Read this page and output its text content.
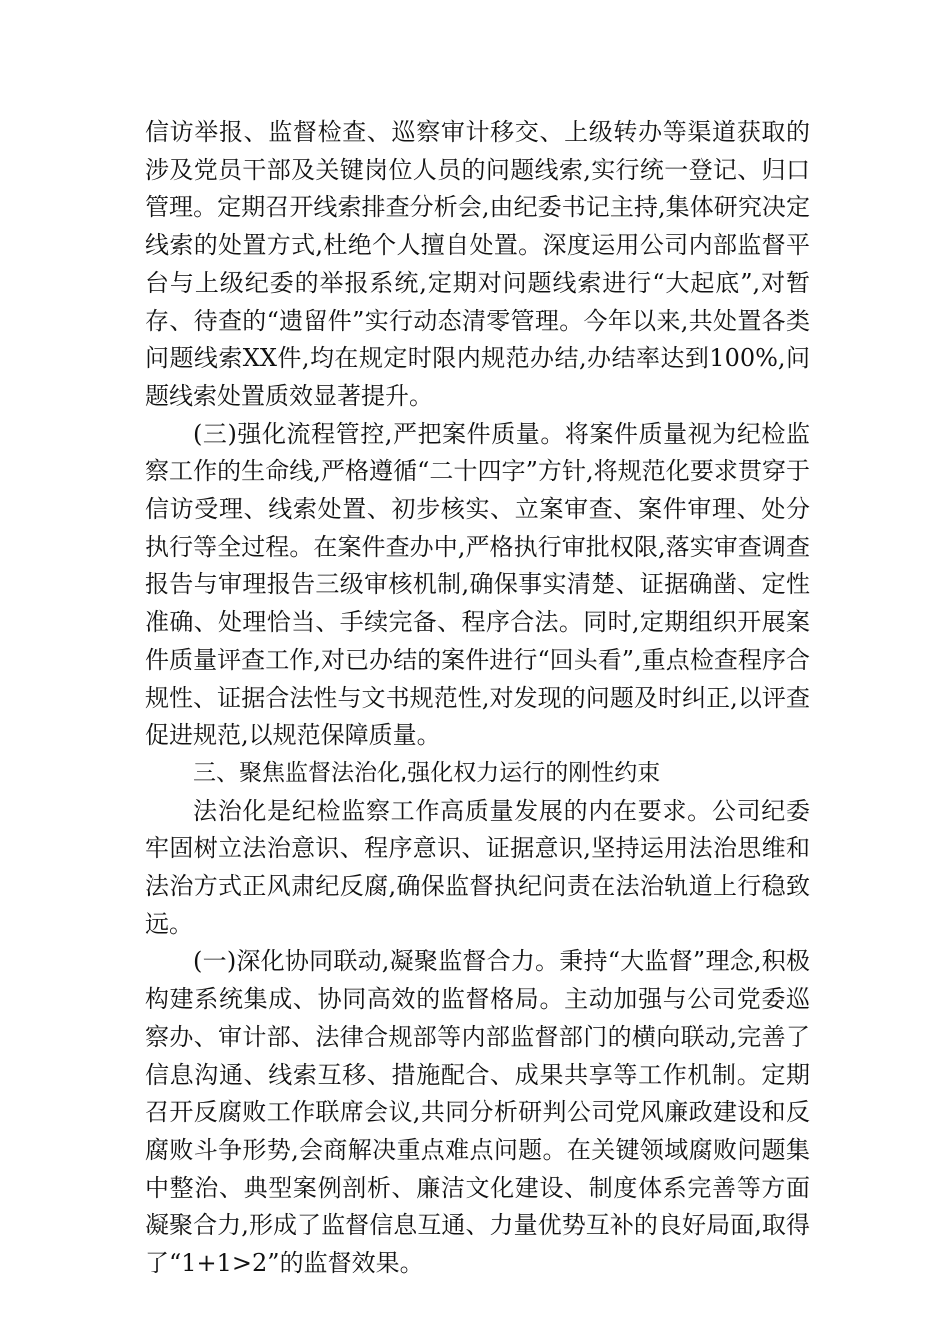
信访举报、监督检查、巡察审计移交、上级转办等渠道获取的涉及党员干部及关键岗位人员的问题线索,实行统一登记、归口管理。定期召开线索排查分析会,由纪委书记主持,集体研究决定线索的处置方式,杜绝个人擅自处置。深度运用公司内部监督平台与上级纪委的举报系统,定期对问题线索进行“大起底”,对暂存、待查的“遗留件”实行动态清零管理。今年以来,共处置各类问题线索XX件,均在规定时限内规范办结,办结率达到100%,问题线索处置质效显著提升。

(三)强化流程管控,严把案件质量。将案件质量视为纪检监察工作的生命线,严格遵循“二十四字”方针,将规范化要求贯穿于信访受理、线索处置、初步核实、立案审查、案件审理、处分执行等全过程。在案件查办中,严格执行审批权限,落实审查调查报告与审理报告三级审核机制,确保事实清楚、证据确凿、定性准确、处理恰当、手续完备、程序合法。同时,定期组织开展案件质量评查工作,对已办结的案件进行“回头看”,重点检查程序合规性、证据合法性与文书规范性,对发现的问题及时纠正,以评查促进规范,以规范保障质量。

三、聚焦监督法治化,强化权力运行的刚性约束

法治化是纪检监察工作高质量发展的内在要求。公司纪委牢固树立法治意识、程序意识、证据意识,坚持运用法治思维和法治方式正风肃纪反腐,确保监督执纪问责在法治轨道上行稳致远。

(一)深化协同联动,凝聚监督合力。秉持“大监督”理念,积极构建系统集成、协同高效的监督格局。主动加强与公司党委巡察办、审计部、法律合规部等内部监督部门的横向联动,完善了信息沟通、线索互移、措施配合、成果共享等工作机制。定期召开反腐败工作联席会议,共同分析研判公司党风廉政建设和反腐败斗争形势,会商解决重点难点问题。在关键领域腐败问题集中整治、典型案例剖析、廉洁文化建设、制度体系完善等方面凝聚合力,形成了监督信息互通、力量优势互补的良好局面,取得了“1+1>2”的监督效果。
